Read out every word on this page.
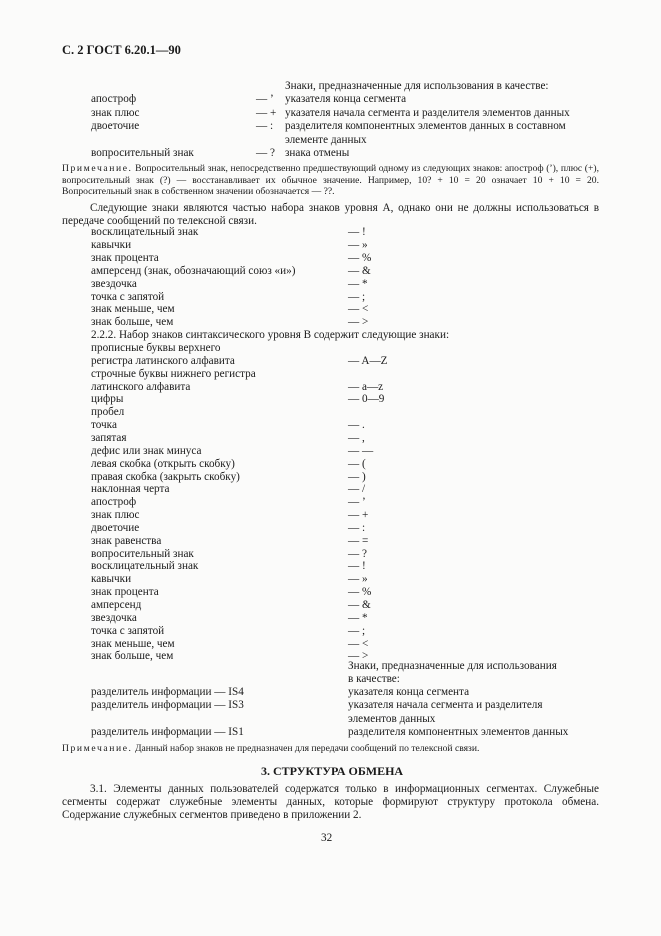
С. 2 ГОСТ 6.20.1—90
Знаки, предназначенные для использования в качестве:
апостроф	— ’ указателя конца сегмента
знак плюс	— + указателя начала сегмента и разделителя элементов данных
двоеточие	— : разделителя компонентных элементов данных в составном
элементе данных
вопросительный знак	— ? знака отмены
Примечание. Вопросительный знак, непосредственно предшествующий одному из следующих знаков: апостроф (’), плюс (+), вопросительный знак (?) — восстанавливает их обычное значение. Например, 10? + 10 = 20 означает 10 + 10 = 20. Вопросительный знак в собственном значении обозначается — ??.
Следующие знаки являются частью набора знаков уровня А, однако они не должны использоваться в передаче сообщений по телексной связи.
восклицательный знак	— !
кавычки	— »
знак процента	— %
амперсенд (знак, обозначающий союз «и»)	— &
звездочка	— *
точка с запятой	— ;
знак меньше, чем	— <
знак больше, чем	— >
2.2.2. Набор знаков синтаксического уровня В содержит следующие знаки:
прописные буквы верхнего
регистра латинского алфавита	— A—Z
строчные буквы нижнего регистра
латинского алфавита	— a—z
цифры	— 0—9
пробел
точка	— .
запятая	— ,
дефис или знак минуса	— —
левая скобка (открыть скобку)	— (
правая скобка (закрыть скобку)	— )
наклонная черта	— /
апостроф	— ’
знак плюс	— +
двоеточие	— :
знак равенства	— =
вопросительный знак	— ?
восклицательный знак	— !
кавычки	— »
знак процента	— %
амперсенд	— &
звездочка	— *
точка с запятой	— ;
знак меньше, чем	— <
знак больше, чем	— >
Знаки, предназначенные для использования
в качестве:
разделитель информации — IS4	указателя конца сегмента
разделитель информации — IS3	указателя начала сегмента и разделителя
элементов данных
разделитель информации — IS1	разделителя компонентных элементов данных
Примечание. Данный набор знаков не предназначен для передачи сообщений по телексной связи.
3. СТРУКТУРА ОБМЕНА
3.1. Элементы данных пользователей содержатся только в информационных сегментах. Служебные сегменты содержат служебные элементы данных, которые формируют структуру протокола обмена. Содержание служебных сегментов приведено в приложении 2.
32
